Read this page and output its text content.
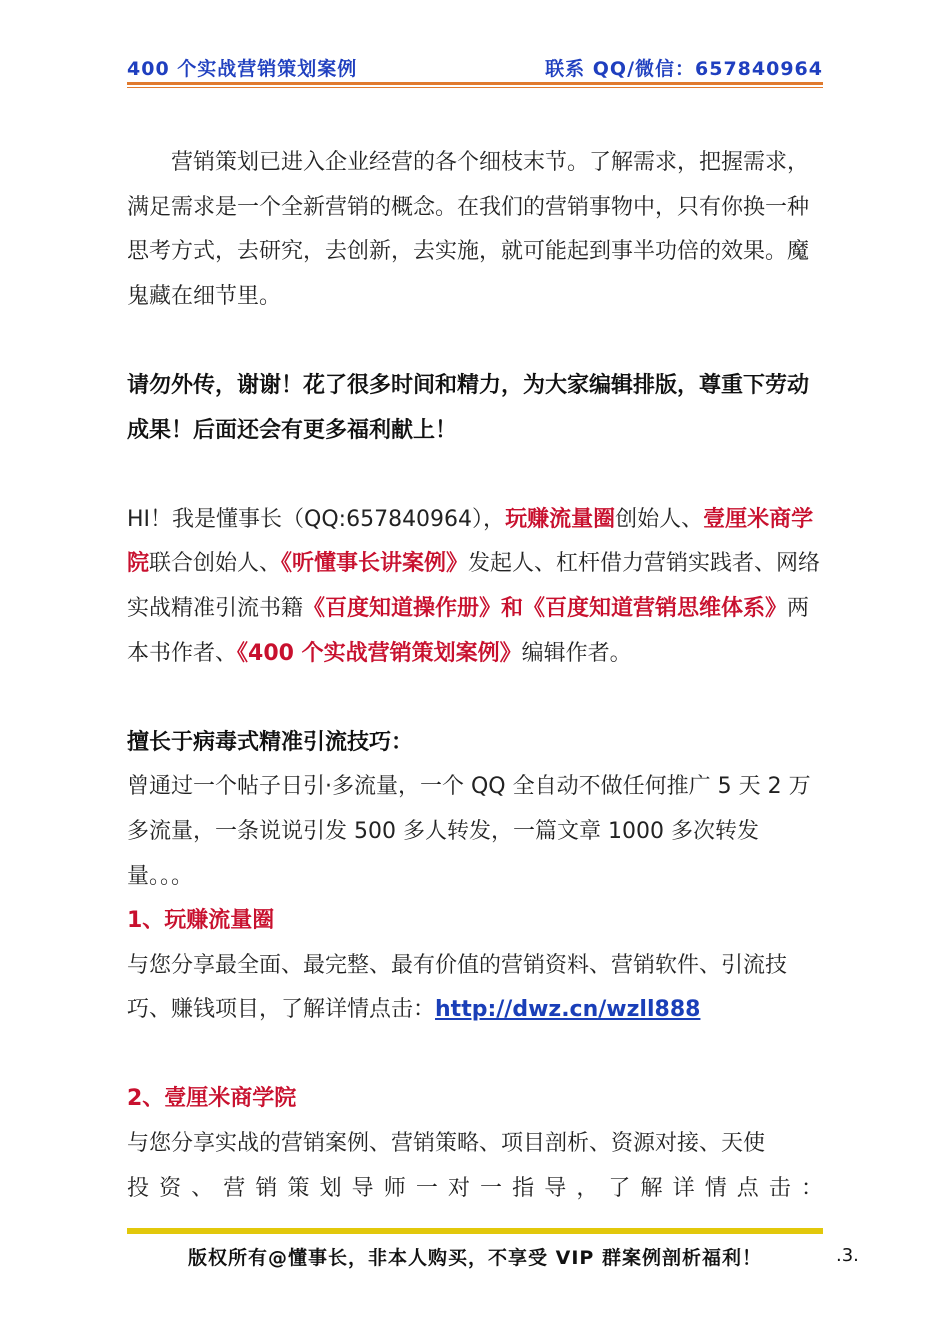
400 个实战营销策划案例	联系 QQ/微信：657840964

营销策划已进入企业经营的各个细枝末节。了解需求，把握需求，满足需求是一个全新营销的概念。在我们的营销事物中，只有你换一种思考方式，去研究，去创新，去实施，就可能起到事半功倍的效果。魔鬼藏在细节里。

请勿外传，谢谢！花了很多时间和精力，为大家编辑排版，尊重下劳动成果！后面还会有更多福利献上！

HI！我是懂事长（QQ:657840964），玩赚流量圈创始人、壹厘米商学院联合创始人、《听懂事长讲案例》发起人、杠杆借力营销实践者、网络实战精准引流书籍《百度知道操作册》和《百度知道营销思维体系》两本书作者、《400 个实战营销策划案例》编辑作者。

擅长于病毒式精准引流技巧：

曾通过一个帖子日引·多流量，一个 QQ 全自动不做任何推广 5 天 2 万多流量，一条说说引发 500 多人转发，一篇文章 1000 多次转发量。。。

1、玩赚流量圈

与您分享最全面、最完整、最有价值的营销资料、营销软件、引流技巧、赚钱项目，了解详情点击：http://dwz.cn/wzll888

2、壹厘米商学院

与您分享实战的营销案例、营销策略、项目剖析、资源对接、天使

投资、营销策划导师一对一指导，了解详情点击：

版权所有@懂事长，非本人购买，不享受 VIP 群案例剖析福利！	.3.
